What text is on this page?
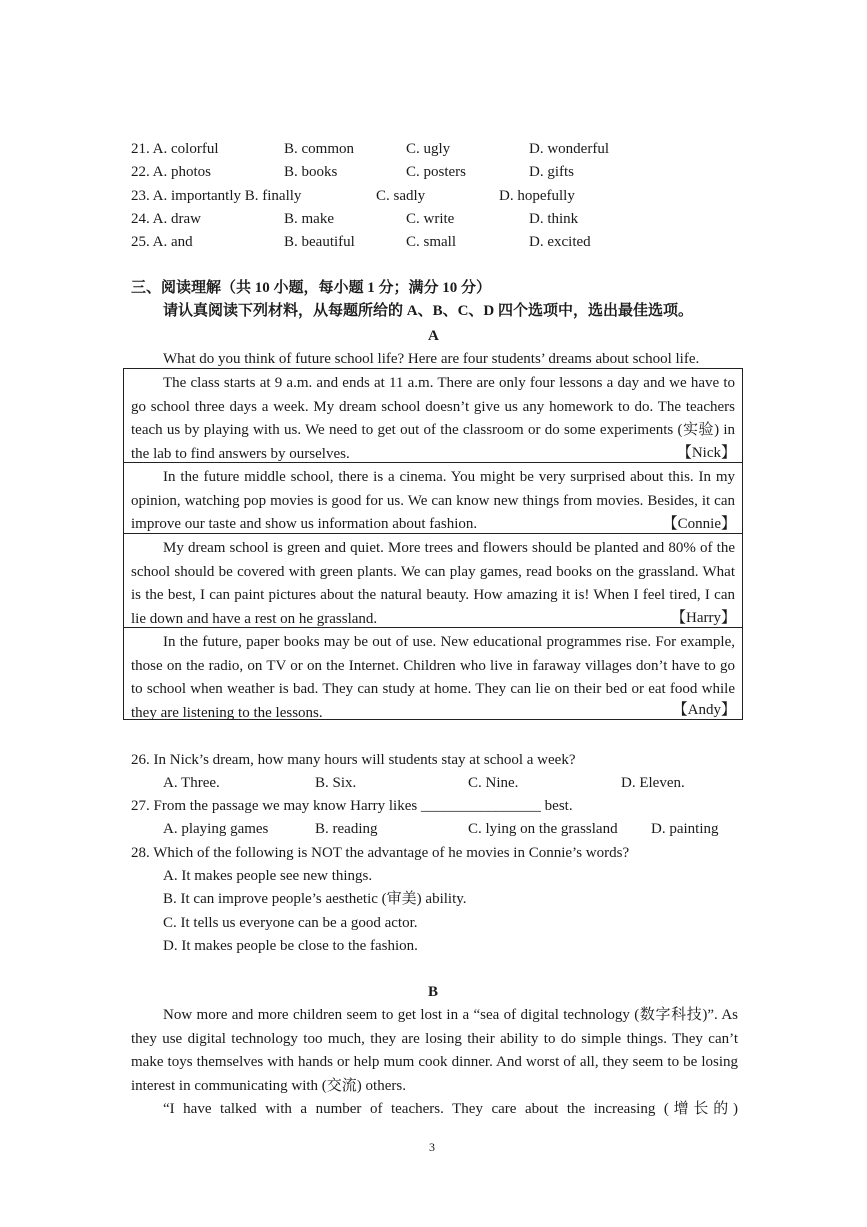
21. A. colorful	B. common	C. ugly	D. wonderful
22. A. photos	B. books	C. posters	D. gifts
23. A. importantly B. finally	C. sadly	D. hopefully
24. A. draw	B. make	C. write	D. think
25. A. and	B. beautiful	C. small	D. excited
三、阅读理解（共 10 小题，每小题 1 分；满分 10 分）
请认真阅读下列材料，从每题所给的 A、B、C、D 四个选项中，选出最佳选项。
A
What do you think of future school life? Here are four students’ dreams about school life.
The class starts at 9 a.m. and ends at 11 a.m. There are only four lessons a day and we have to go school three days a week. My dream school doesn’t give us any homework to do. The teachers teach us by playing with us. We need to get out of the classroom or do some experiments (实验) in the lab to find answers by ourselves.	【Nick】
In the future middle school, there is a cinema. You might be very surprised about this. In my opinion, watching pop movies is good for us. We can know new things from movies. Besides, it can improve our taste and show us information about fashion.	【Connie】
My dream school is green and quiet. More trees and flowers should be planted and 80% of the school should be covered with green plants. We can play games, read books on the grassland. What is the best, I can paint pictures about the natural beauty. How amazing it is! When I feel tired, I can lie down and have a rest on he grassland.	【Harry】
In the future, paper books may be out of use. New educational programmes rise. For example, those on the radio, on TV or on the Internet. Children who live in faraway villages don’t have to go to school when weather is bad. They can study at home. They can lie on their bed or eat food while they are listening to the lessons.	【Andy】
26. In Nick’s dream, how many hours will students stay at school a week?
A. Three.	B. Six.	C. Nine.	D. Eleven.
27. From the passage we may know Harry likes ________________ best.
A. playing games	B. reading	C. lying on the grassland D. painting
28. Which of the following is NOT the advantage of he movies in Connie’s words?
A. It makes people see new things.
B. It can improve people’s aesthetic (审美) ability.
C. It tells us everyone can be a good actor.
D. It makes people be close to the fashion.
B
Now more and more children seem to get lost in a “sea of digital technology (数字科技)”. As they use digital technology too much, they are losing their ability to do simple things. They can’t make toys themselves with hands or help mum cook dinner. And worst of all, they seem to be losing interest in communicating with (交流) others.
“I have talked with a number of teachers. They care about the increasing (增长的)
3
